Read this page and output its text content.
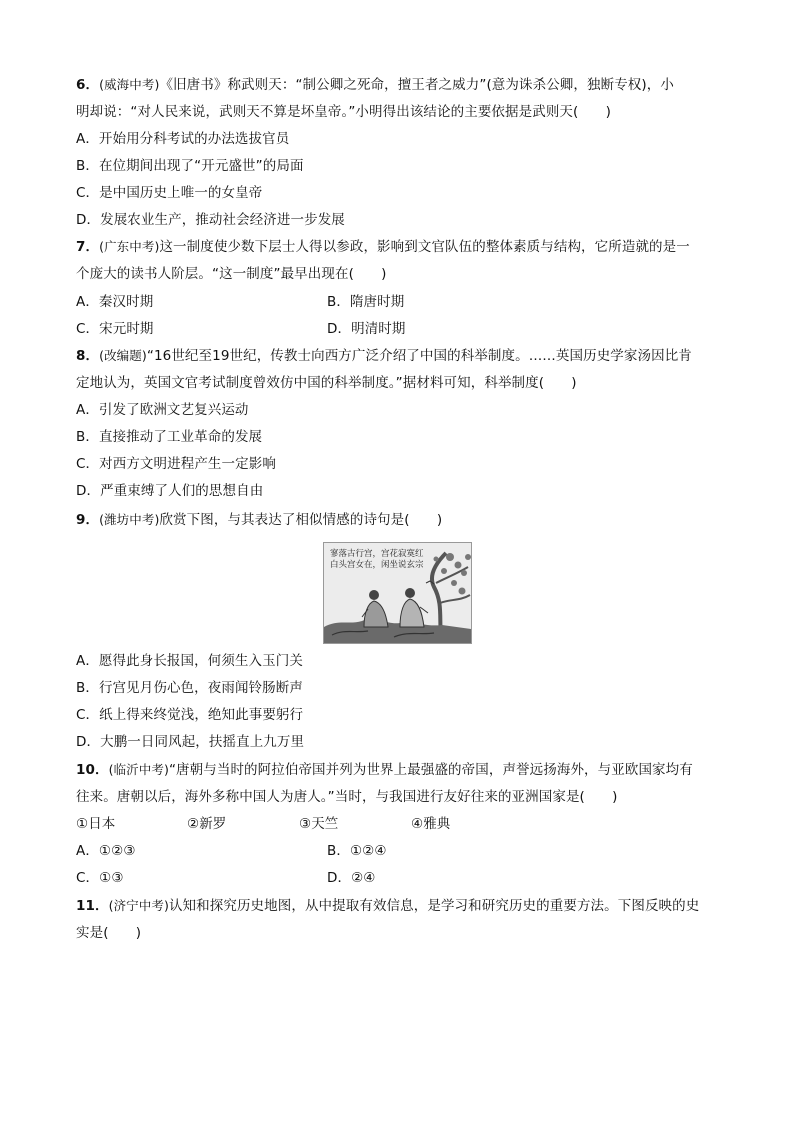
6．(威海中考)《旧唐书》称武则天：“制公卿之死命，擅王者之威力”(意为诛杀公卿，独断专权)，小
明却说：“对人民来说，武则天不算是坏皇帝。”小明得出该结论的主要依据是武则天(　　)
A．开始用分科考试的办法选拔官员
B．在位期间出现了“开元盛世”的局面
C．是中国历史上唯一的女皇帝
D．发展农业生产，推动社会经济进一步发展
7．(广东中考)这一制度使少数下层士人得以参政，影响到文官队伍的整体素质与结构，它所造就的是一
个庞大的读书人阶层。“这一制度”最早出现在(　　)
A．秦汉时期	B．隋唐时期
C．宋元时期	D．明清时期
8．(改编题)“16世纪至19世纪，传教士向西方广泛介绍了中国的科举制度。……英国历史学家汤因比肯
定地认为，英国文官考试制度曾效仿中国的科举制度。”据材料可知，科举制度(　　)
A．引发了欧洲文艺复兴运动
B．直接推动了工业革命的发展
C．对西方文明进程产生一定影响
D．严重束缚了人们的思想自由
9．(潍坊中考)欣赏下图，与其表达了相似情感的诗句是(　　)
寥落古行宫，宫花寂寞红
白头宫女在，闲坐说玄宗
A．愿得此身长报国，何须生入玉门关
B．行宫见月伤心色，夜雨闻铃肠断声
C．纸上得来终觉浅，绝知此事要躬行
D．大鹏一日同风起，扶摇直上九万里
10．(临沂中考)“唐朝与当时的阿拉伯帝国并列为世界上最强盛的帝国，声誉远扬海外，与亚欧国家均有
往来。唐朝以后，海外多称中国人为唐人。”当时，与我国进行友好往来的亚洲国家是(　　)
①日本	②新罗	③天竺	④雅典
A．①②③	B．①②④
C．①③	D．②④
11．(济宁中考)认知和探究历史地图，从中提取有效信息，是学习和研究历史的重要方法。下图反映的史
实是(　　)
